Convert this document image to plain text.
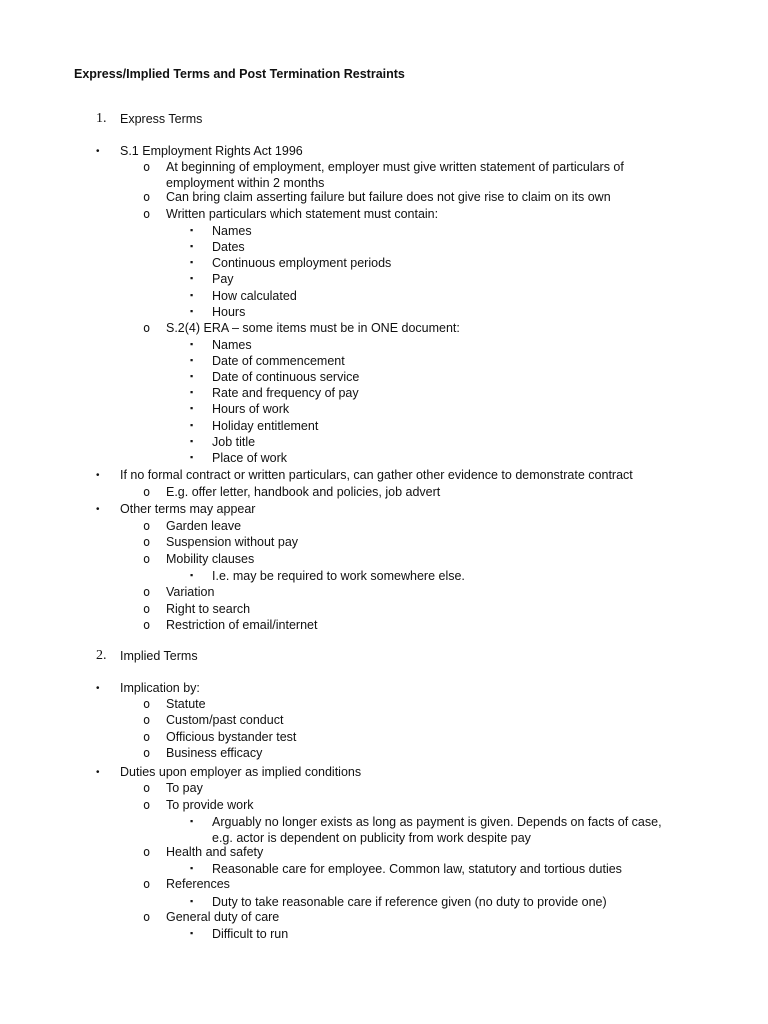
Express/Implied Terms and Post Termination Restraints
1. Express Terms
• S.1 Employment Rights Act 1996
o At beginning of employment, employer must give written statement of particulars of employment within 2 months
o Can bring claim asserting failure but failure does not give rise to claim on its own
o Written particulars which statement must contain:
▪ Names
▪ Dates
▪ Continuous employment periods
▪ Pay
▪ How calculated
▪ Hours
o S.2(4) ERA – some items must be in ONE document:
▪ Names
▪ Date of commencement
▪ Date of continuous service
▪ Rate and frequency of pay
▪ Hours of work
▪ Holiday entitlement
▪ Job title
▪ Place of work
• If no formal contract or written particulars, can gather other evidence to demonstrate contract
o E.g. offer letter, handbook and policies, job advert
• Other terms may appear
o Garden leave
o Suspension without pay
o Mobility clauses
▪ I.e. may be required to work somewhere else.
o Variation
o Right to search
o Restriction of email/internet
2. Implied Terms
• Implication by:
o Statute
o Custom/past conduct
o Officious bystander test
o Business efficacy
• Duties upon employer as implied conditions
o To pay
o To provide work
▪ Arguably no longer exists as long as payment is given. Depends on facts of case, e.g. actor is dependent on publicity from work despite pay
o Health and safety
▪ Reasonable care for employee. Common law, statutory and tortious duties
o References
▪ Duty to take reasonable care if reference given (no duty to provide one)
o General duty of care
▪ Difficult to run
